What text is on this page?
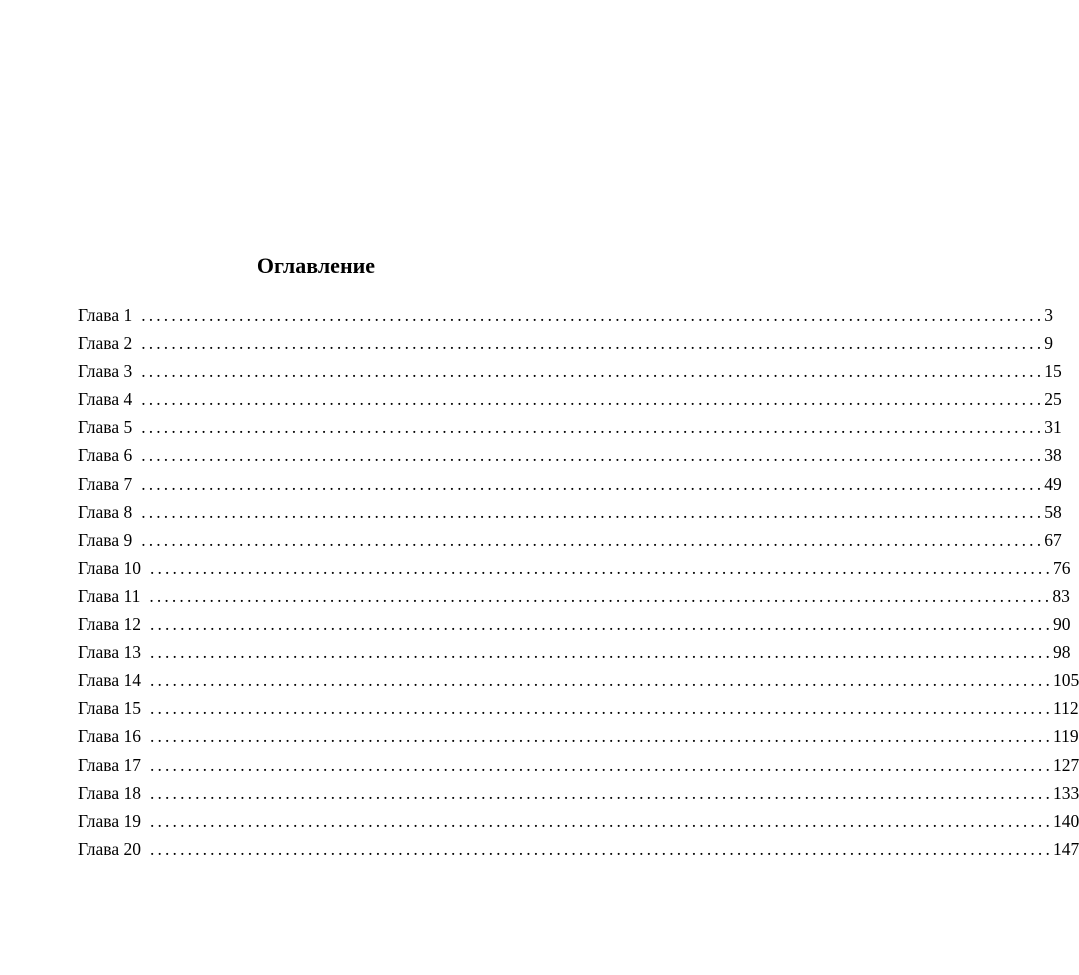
Оглавление
Глава 1 ........................................................................................................................ 3
Глава 2 ........................................................................................................................ 9
Глава 3 ........................................................................................................................ 15
Глава 4 ........................................................................................................................ 25
Глава 5 ........................................................................................................................ 31
Глава 6 ........................................................................................................................ 38
Глава 7 ........................................................................................................................ 49
Глава 8 ........................................................................................................................ 58
Глава 9 ........................................................................................................................ 67
Глава 10 ........................................................................................................................ 76
Глава 11 ........................................................................................................................ 83
Глава 12 ........................................................................................................................ 90
Глава 13 ........................................................................................................................ 98
Глава 14 ........................................................................................................................ 105
Глава 15 ........................................................................................................................ 112
Глава 16 ........................................................................................................................ 119
Глава 17 ........................................................................................................................ 127
Глава 18 ........................................................................................................................ 133
Глава 19 ........................................................................................................................ 140
Глава 20 ........................................................................................................................ 147
